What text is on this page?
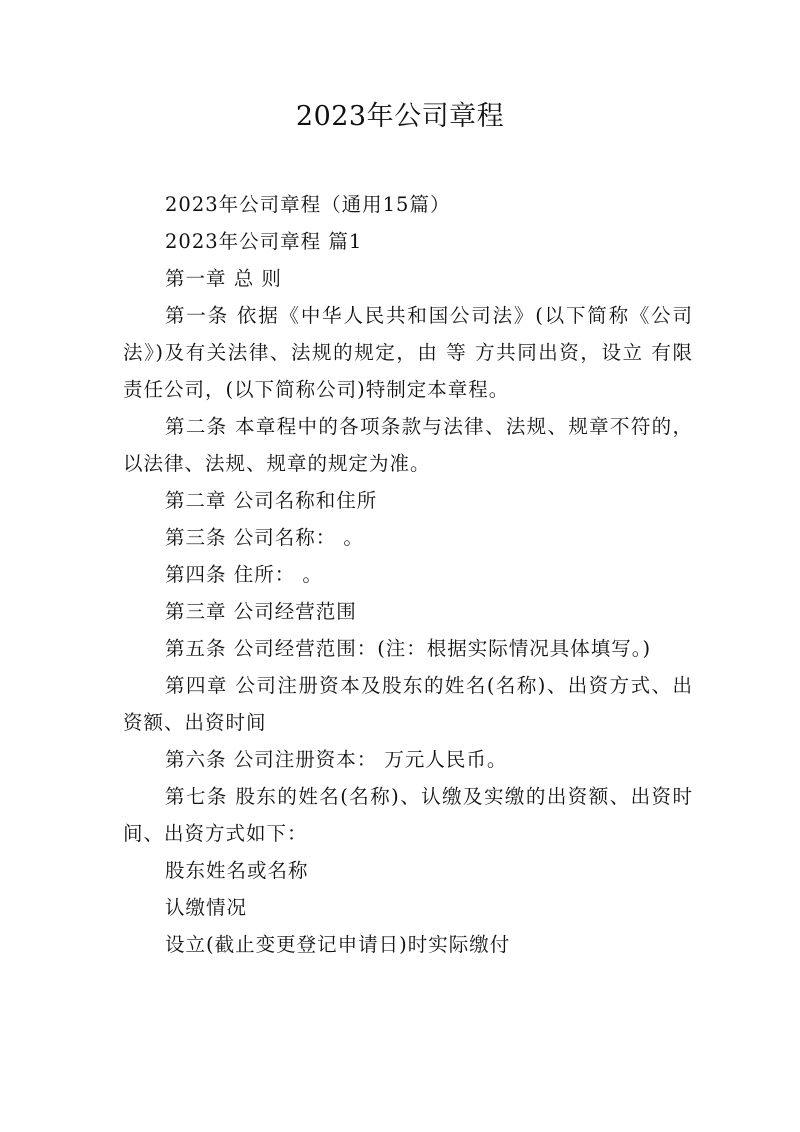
2023年公司章程

2023年公司章程（通用15篇）

2023年公司章程 篇1

第一章 总 则

第一条 依据《中华人民共和国公司法》(以下简称《公司法》)及有关法律、法规的规定，由 等 方共同出资，设立 有限责任公司，(以下简称公司)特制定本章程。

第二条 本章程中的各项条款与法律、法规、规章不符的，以法律、法规、规章的规定为准。

第二章 公司名称和住所

第三条 公司名称： 。

第四条 住所： 。

第三章 公司经营范围

第五条 公司经营范围：(注：根据实际情况具体填写。)

第四章 公司注册资本及股东的姓名(名称)、出资方式、出资额、出资时间

第六条 公司注册资本： 万元人民币。

第七条 股东的姓名(名称)、认缴及实缴的出资额、出资时间、出资方式如下：

股东姓名或名称

认缴情况

设立(截止变更登记申请日)时实际缴付
